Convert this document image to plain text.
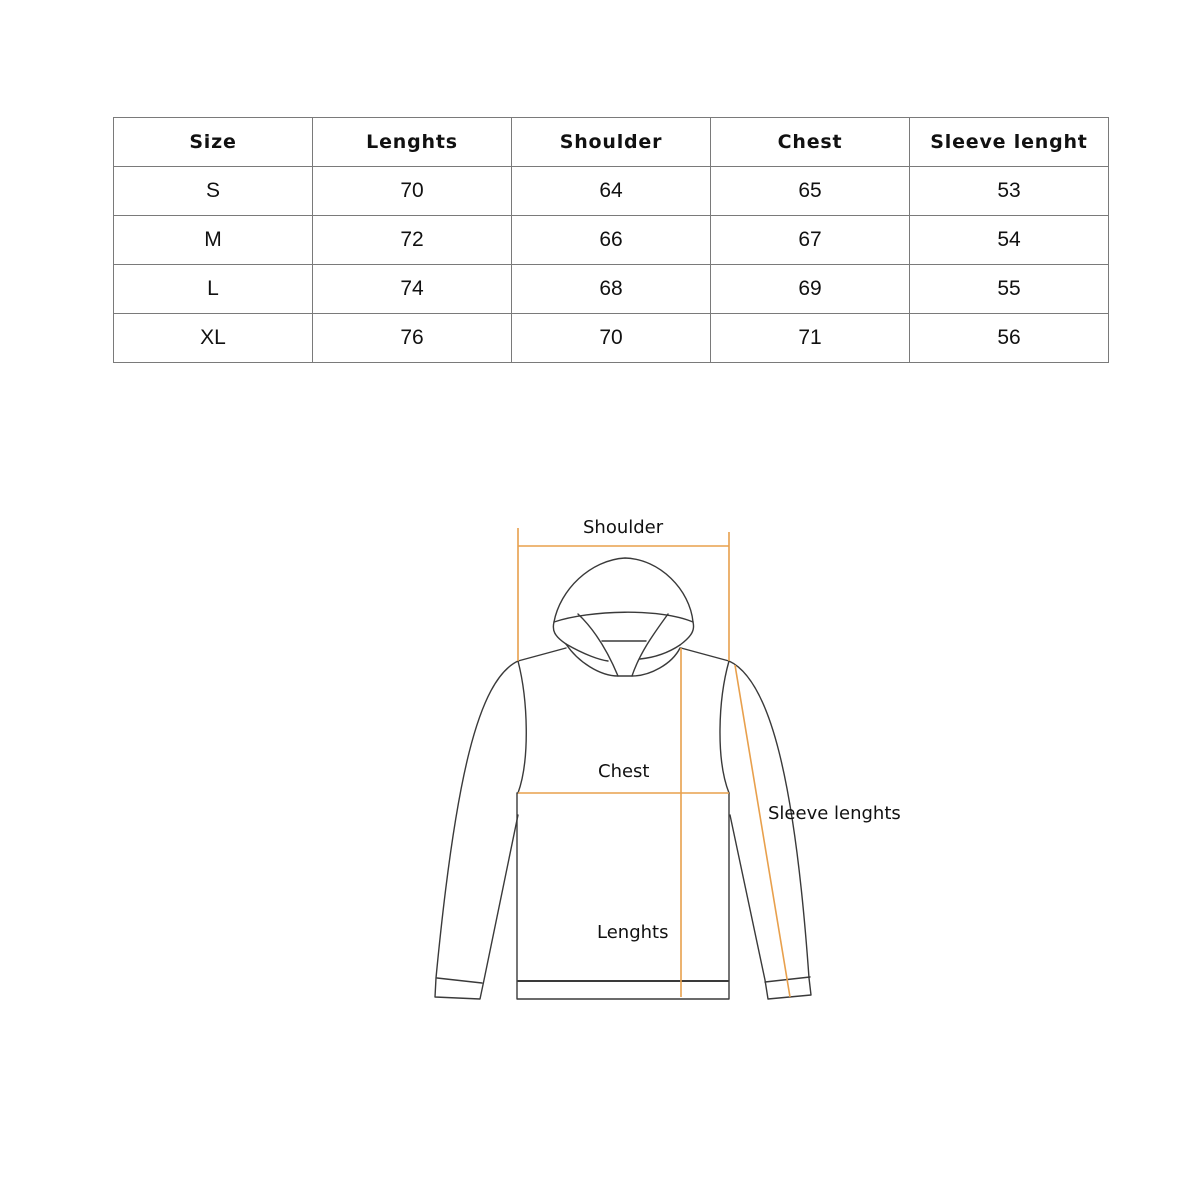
Size	Lenghts	Shoulder	Chest	Sleeve lenght
S	70	64	65	53
M	72	66	67	54
L	74	68	69	55
XL	76	70	71	56
Shoulder
Chest
Sleeve lenghts
Lenghts
